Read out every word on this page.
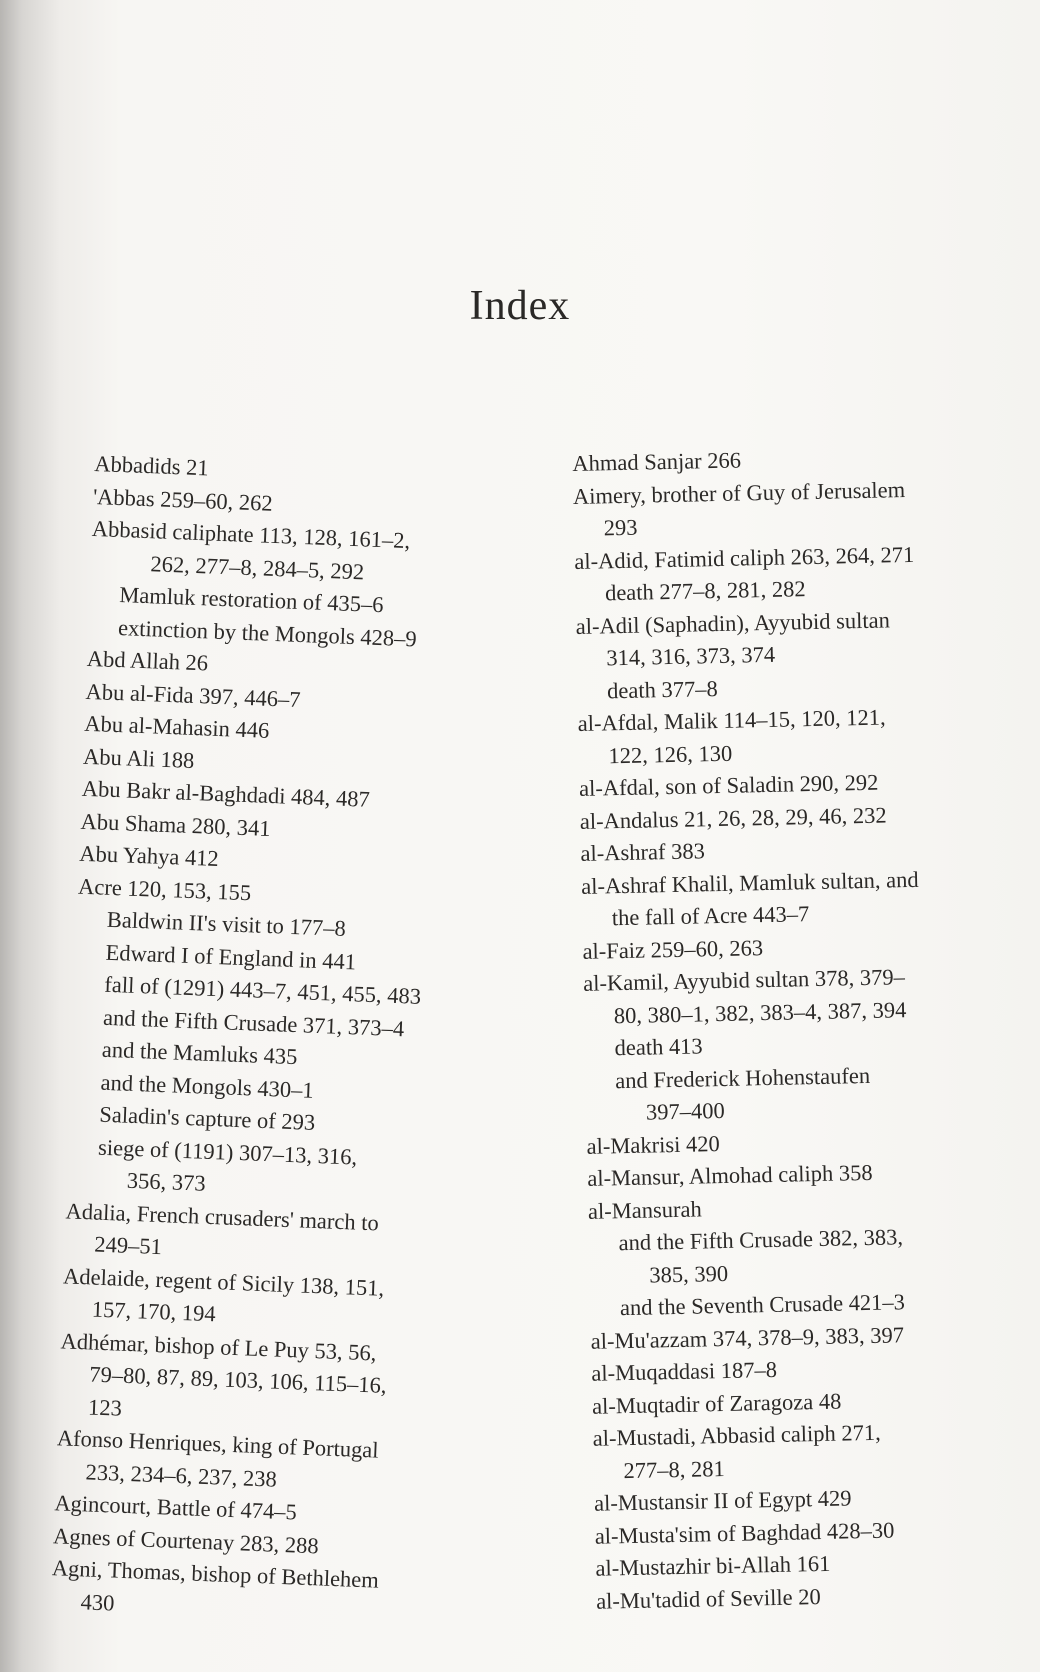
Index
Abbadids 21
'Abbas 259–60, 262
Abbasid caliphate 113, 128, 161–2,
262, 277–8, 284–5, 292
Mamluk restoration of 435–6
extinction by the Mongols 428–9
Abd Allah 26
Abu al-Fida 397, 446–7
Abu al-Mahasin 446
Abu Ali 188
Abu Bakr al-Baghdadi 484, 487
Abu Shama 280, 341
Abu Yahya 412
Acre 120, 153, 155
Baldwin II's visit to 177–8
Edward I of England in 441
fall of (1291) 443–7, 451, 455, 483
and the Fifth Crusade 371, 373–4
and the Mamluks 435
and the Mongols 430–1
Saladin's capture of 293
siege of (1191) 307–13, 316,
356, 373
Adalia, French crusaders' march to
249–51
Adelaide, regent of Sicily 138, 151,
157, 170, 194
Adhémar, bishop of Le Puy 53, 56,
79–80, 87, 89, 103, 106, 115–16,
123
Afonso Henriques, king of Portugal
233, 234–6, 237, 238
Agincourt, Battle of 474–5
Agnes of Courtenay 283, 288
Agni, Thomas, bishop of Bethlehem
430
Ahmad Sanjar 266
Aimery, brother of Guy of Jerusalem
293
al-Adid, Fatimid caliph 263, 264, 271
death 277–8, 281, 282
al-Adil (Saphadin), Ayyubid sultan
314, 316, 373, 374
death 377–8
al-Afdal, Malik 114–15, 120, 121,
122, 126, 130
al-Afdal, son of Saladin 290, 292
al-Andalus 21, 26, 28, 29, 46, 232
al-Ashraf 383
al-Ashraf Khalil, Mamluk sultan, and
the fall of Acre 443–7
al-Faiz 259–60, 263
al-Kamil, Ayyubid sultan 378, 379–
80, 380–1, 382, 383–4, 387, 394
death 413
and Frederick Hohenstaufen
397–400
al-Makrisi 420
al-Mansur, Almohad caliph 358
al-Mansurah
and the Fifth Crusade 382, 383,
385, 390
and the Seventh Crusade 421–3
al-Mu'azzam 374, 378–9, 383, 397
al-Muqaddasi 187–8
al-Muqtadir of Zaragoza 48
al-Mustadi, Abbasid caliph 271,
277–8, 281
al-Mustansir II of Egypt 429
al-Musta'sim of Baghdad 428–30
al-Mustazhir bi-Allah 161
al-Mu'tadid of Seville 20
